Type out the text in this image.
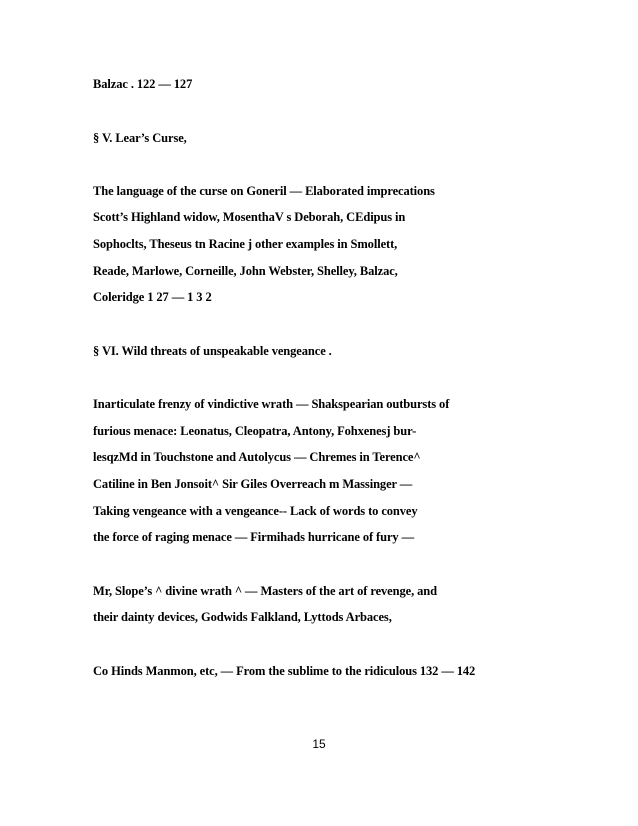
Balzac . 122 — 127
§ V. Lear’s Curse,
The language of the curse on Goneril — Elaborated imprecations
Scott’s Highland widow, MosenthaV s Deborah, CEdipus in
Sophoclts, Theseus tn Racine j other examples in Smollett,
Reade, Marlowe, Corneille, John Webster, Shelley, Balzac,
Coleridge 1 27 — 1 3 2
§ VI. Wild threats of unspeakable vengeance .
Inarticulate frenzy of vindictive wrath — Shakspearian outbursts of
furious menace: Leonatus, Cleopatra, Antony, Fohxenesj bur-
lesqzMd in Touchstone and Autolycus — Chremes in Terence^
Catiline in Ben Jonsoit^ Sir Giles Overreach m Massinger —
Taking vengeance with a vengeance-- Lack of words to convey
the force of raging menace — Firmihads hurricane of fury —
Mr, Slope’s ^ divine wrath ^ — Masters of the art of revenge, and
their dainty devices, Godwids Falkland, Lyttods Arbaces,
Co Hinds Manmon, etc, — From the sublime to the ridiculous 132 — 142
15
